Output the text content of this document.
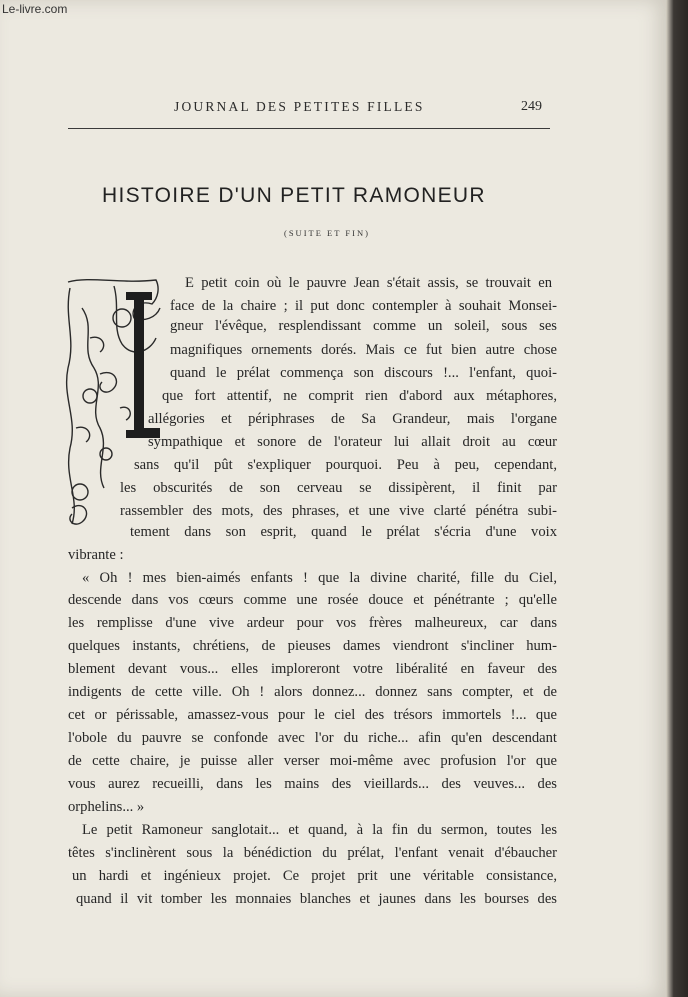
Le-livre.com
JOURNAL DES PETITES FILLES	249
HISTOIRE D'UN PETIT RAMONEUR
(SUITE ET FIN)
E petit coin où le pauvre Jean s'était assis, se trouvait en
face de la chaire ; il put donc contempler à souhait Monsei-
gneur l'évêque, resplendissant comme un soleil, sous ses
magnifiques ornements dorés. Mais ce fut bien autre chose
quand le prélat commença son discours !... l'enfant, quoi-
que fort attentif, ne comprit rien d'abord aux métaphores,
allégories et périphrases de Sa Grandeur, mais l'organe
sympathique et sonore de l'orateur lui allait droit au cœur
sans qu'il pût s'expliquer pourquoi. Peu à peu, cependant,
les obscurités de son cerveau se dissipèrent, il finit par
rassembler des mots, des phrases, et une vive clarté pénétra subi-
tement dans son esprit, quand le prélat s'écria d'une voix
vibrante :
« Oh ! mes bien-aimés enfants ! que la divine charité, fille du Ciel,
descende dans vos cœurs comme une rosée douce et pénétrante ; qu'elle
les remplisse d'une vive ardeur pour vos frères malheureux, car dans
quelques instants, chrétiens, de pieuses dames viendront s'incliner hum-
blement devant vous... elles imploreront votre libéralité en faveur des
indigents de cette ville. Oh ! alors donnez... donnez sans compter, et de
cet or périssable, amassez-vous pour le ciel des trésors immortels !... que
l'obole du pauvre se confonde avec l'or du riche... afin qu'en descendant
de cette chaire, je puisse aller verser moi-même avec profusion l'or que
vous aurez recueilli, dans les mains des vieillards... des veuves... des
orphelins... »
Le petit Ramoneur sanglotait... et quand, à la fin du sermon, toutes les
têtes s'inclinèrent sous la bénédiction du prélat, l'enfant venait d'ébaucher
un hardi et ingénieux projet. Ce projet prit une véritable consistance,
quand il vit tomber les monnaies blanches et jaunes dans les bourses des
